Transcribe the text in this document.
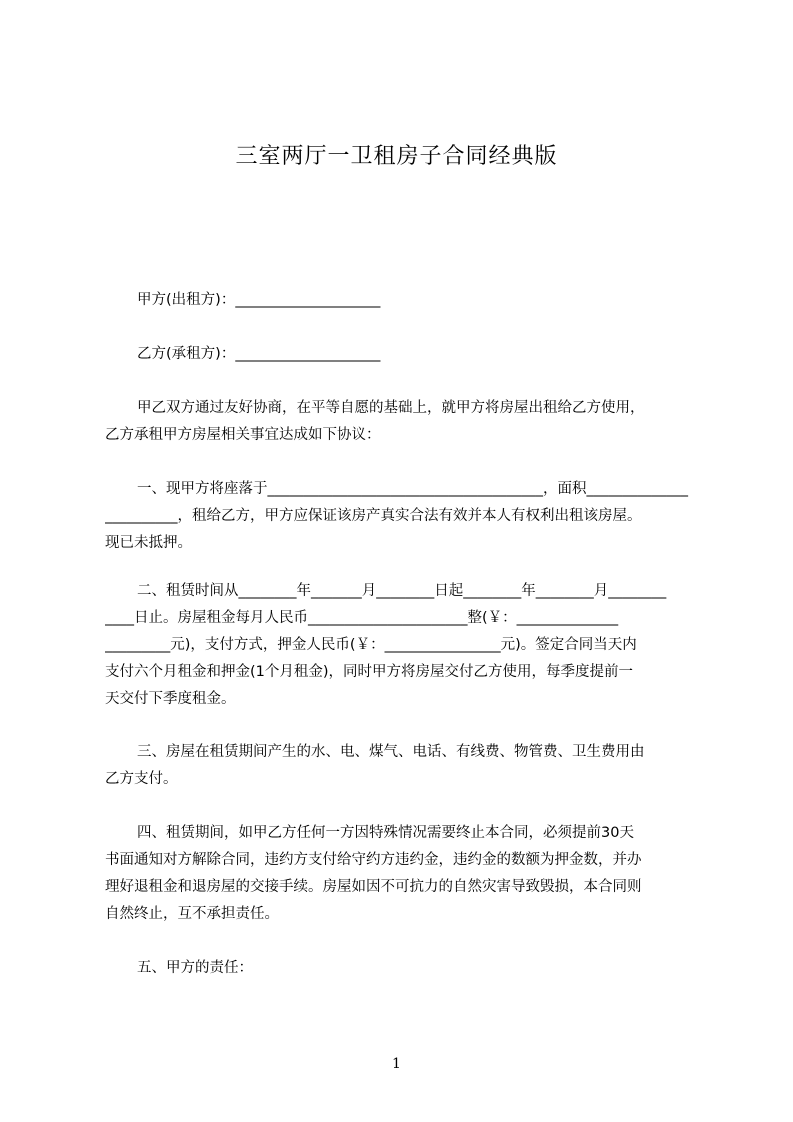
三室两厅一卫租房子合同经典版
甲方(出租方)：____________________
乙方(承租方)：____________________
甲乙双方通过友好协商，在平等自愿的基础上，就甲方将房屋出租给乙方使用，
乙方承租甲方房屋相关事宜达成如下协议：
一、现甲方将座落于______________________________________，面积______________
__________，租给乙方，甲方应保证该房产真实合法有效并本人有权利出租该房屋。
现已未抵押。
二、租赁时间从________年_______月________日起________年________月________
____日止。房屋租金每月人民币______________________整(￥：______________
_________元)，支付方式，押金人民币(￥：________________元)。签定合同当天内
支付六个月租金和押金(1个月租金)，同时甲方将房屋交付乙方使用，每季度提前一
天交付下季度租金。
三、房屋在租赁期间产生的水、电、煤气、电话、有线费、物管费、卫生费用由
乙方支付。
四、租赁期间，如甲乙方任何一方因特殊情况需要终止本合同，必须提前30天
书面通知对方解除合同，违约方支付给守约方违约金，违约金的数额为押金数，并办
理好退租金和退房屋的交接手续。房屋如因不可抗力的自然灾害导致毁损，本合同则
自然终止，互不承担责任。
五、甲方的责任：
1
